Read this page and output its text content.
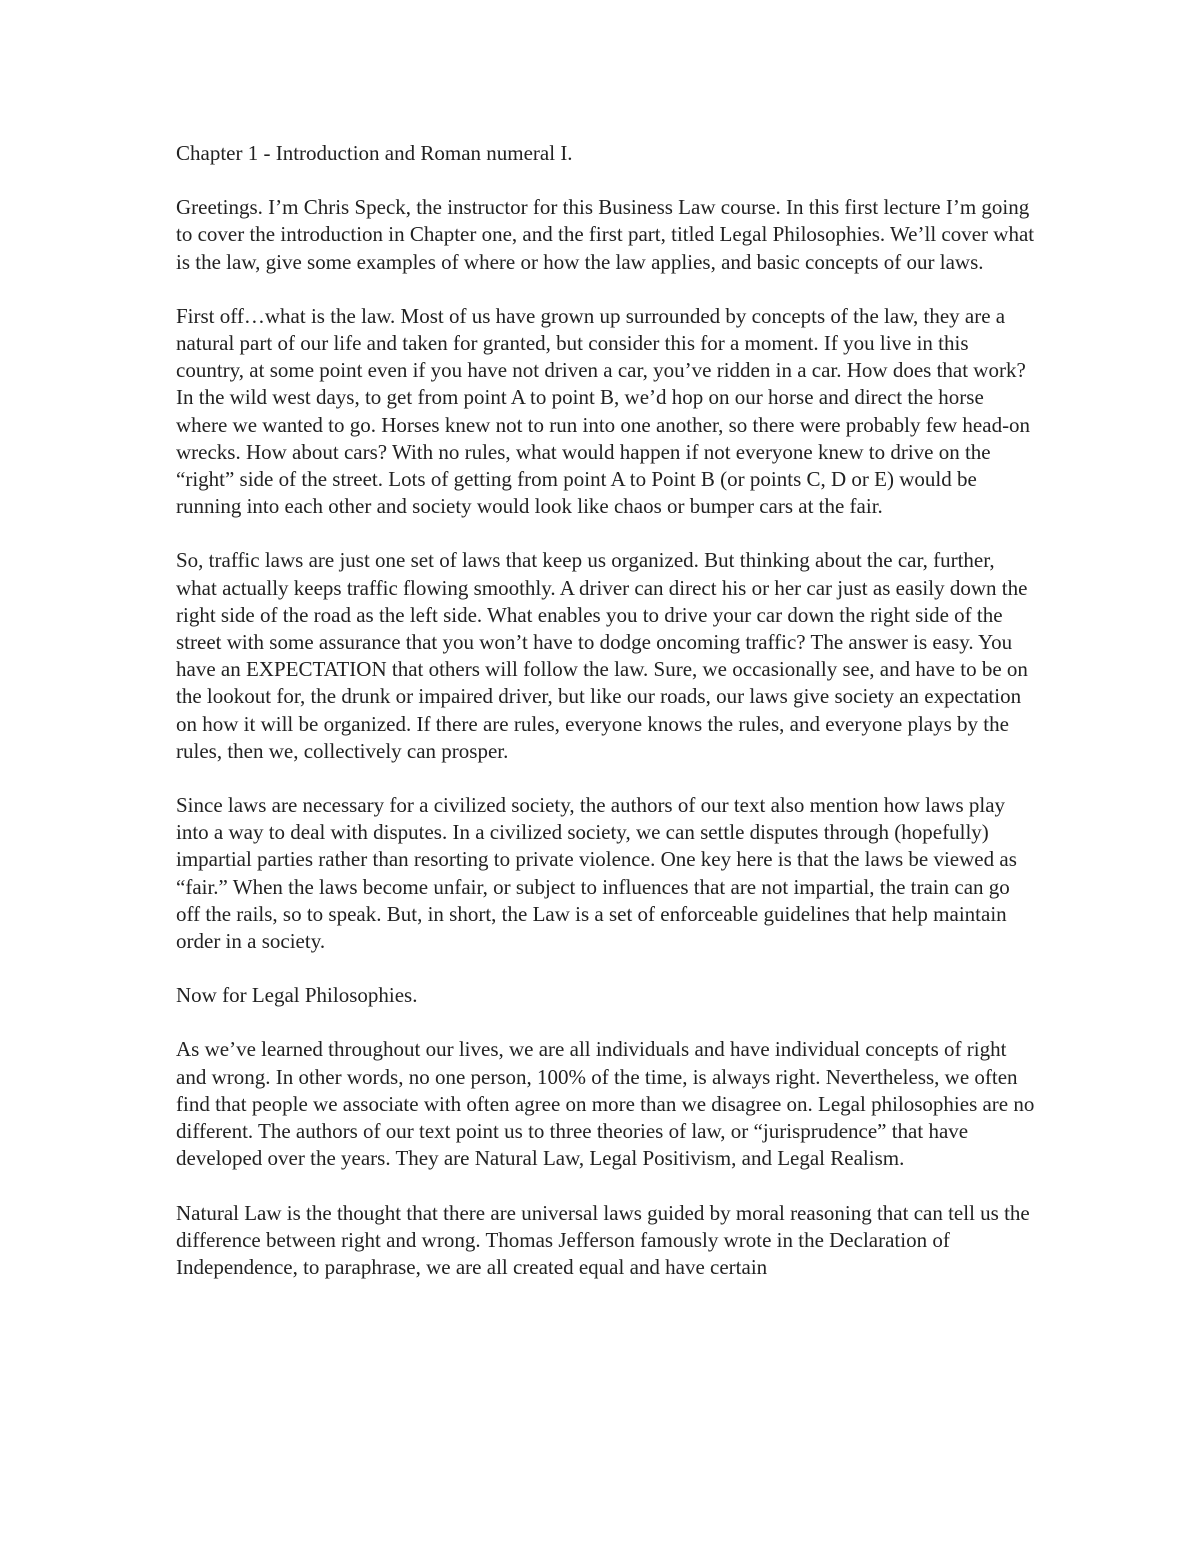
Chapter 1 - Introduction and Roman numeral I.

Greetings. I’m Chris Speck, the instructor for this Business Law course. In this first lecture I’m going to cover the introduction in Chapter one, and the first part, titled Legal Philosophies. We’ll cover what is the law, give some examples of where or how the law applies, and basic concepts of our laws.

First off…what is the law. Most of us have grown up surrounded by concepts of the law, they are a natural part of our life and taken for granted, but consider this for a moment. If you live in this country, at some point even if you have not driven a car, you’ve ridden in a car. How does that work? In the wild west days, to get from point A to point B, we’d hop on our horse and direct the horse where we wanted to go. Horses knew not to run into one another, so there were probably few head-on wrecks. How about cars? With no rules, what would happen if not everyone knew to drive on the “right” side of the street. Lots of getting from point A to Point B (or points C, D or E) would be running into each other and society would look like chaos or bumper cars at the fair.

So, traffic laws are just one set of laws that keep us organized. But thinking about the car, further, what actually keeps traffic flowing smoothly. A driver can direct his or her car just as easily down the right side of the road as the left side. What enables you to drive your car down the right side of the street with some assurance that you won’t have to dodge oncoming traffic? The answer is easy. You have an EXPECTATION that others will follow the law. Sure, we occasionally see, and have to be on the lookout for, the drunk or impaired driver, but like our roads, our laws give society an expectation on how it will be organized. If there are rules, everyone knows the rules, and everyone plays by the rules, then we, collectively can prosper.

Since laws are necessary for a civilized society, the authors of our text also mention how laws play into a way to deal with disputes. In a civilized society, we can settle disputes through (hopefully) impartial parties rather than resorting to private violence. One key here is that the laws be viewed as “fair.” When the laws become unfair, or subject to influences that are not impartial, the train can go off the rails, so to speak. But, in short, the Law is a set of enforceable guidelines that help maintain order in a society.

Now for Legal Philosophies.

As we’ve learned throughout our lives, we are all individuals and have individual concepts of right and wrong. In other words, no one person, 100% of the time, is always right. Nevertheless, we often find that people we associate with often agree on more than we disagree on. Legal philosophies are no different. The authors of our text point us to three theories of law, or “jurisprudence” that have developed over the years. They are Natural Law, Legal Positivism, and Legal Realism.

Natural Law is the thought that there are universal laws guided by moral reasoning that can tell us the difference between right and wrong. Thomas Jefferson famously wrote in the Declaration of Independence, to paraphrase, we are all created equal and have certain
